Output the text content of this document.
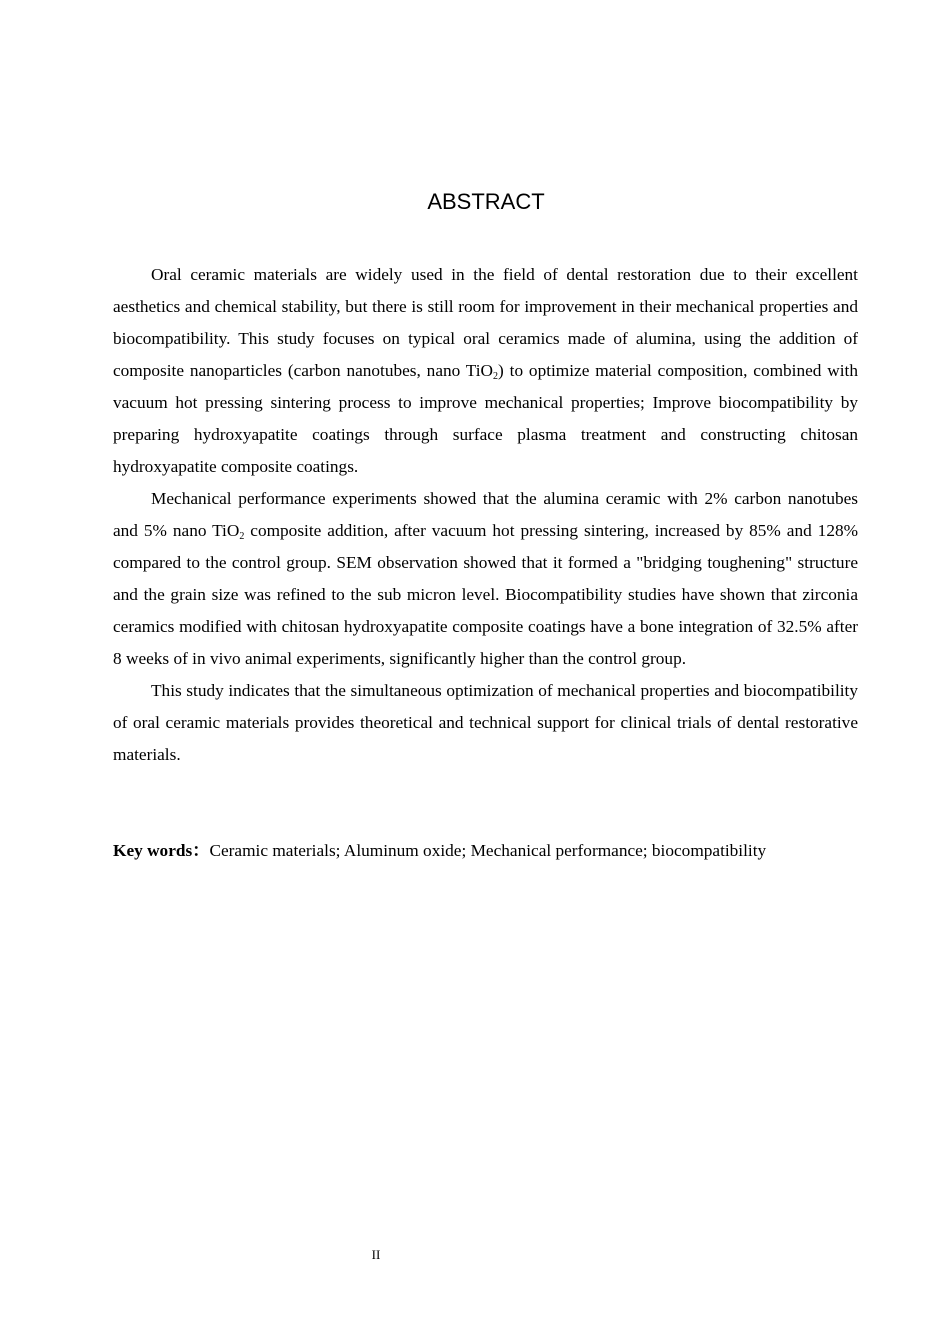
ABSTRACT

Oral ceramic materials are widely used in the field of dental restoration due to their excellent aesthetics and chemical stability, but there is still room for improvement in their mechanical properties and biocompatibility. This study focuses on typical oral ceramics made of alumina, using the addition of composite nanoparticles (carbon nanotubes, nano TiO$_2$) to optimize material composition, combined with vacuum hot pressing sintering process to improve mechanical properties; Improve biocompatibility by preparing hydroxyapatite coatings through surface plasma treatment and constructing chitosan hydroxyapatite composite coatings.

Mechanical performance experiments showed that the alumina ceramic with 2% carbon nanotubes and 5% nano TiO$_2$ composite addition, after vacuum hot pressing sintering, increased by 85% and 128% compared to the control group. SEM observation showed that it formed a "bridging toughening" structure and the grain size was refined to the sub micron level. Biocompatibility studies have shown that zirconia ceramics modified with chitosan hydroxyapatite composite coatings have a bone integration of 32.5% after 8 weeks of in vivo animal experiments, significantly higher than the control group.

This study indicates that the simultaneous optimization of mechanical properties and biocompatibility of oral ceramic materials provides theoretical and technical support for clinical trials of dental restorative materials.

Key words：Ceramic materials; Aluminum oxide; Mechanical performance; biocompatibility
II
